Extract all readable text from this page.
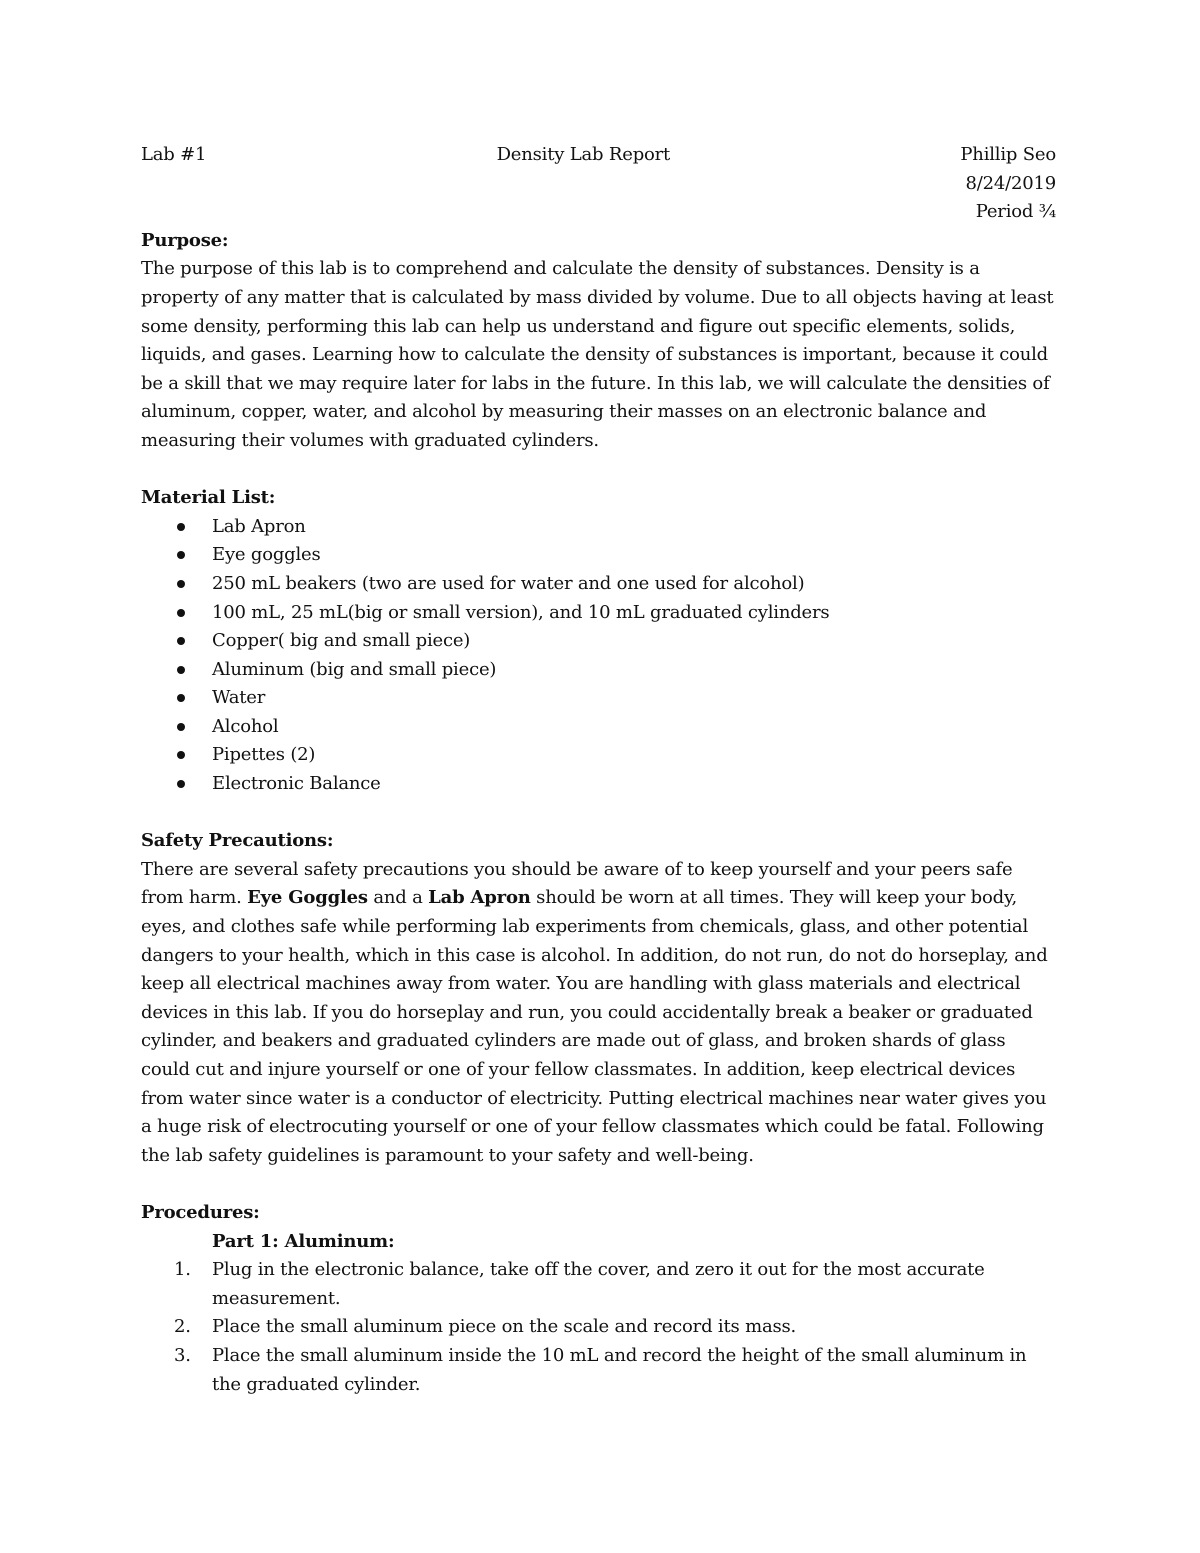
Lab #1	Density Lab Report	Phillip Seo
8/24/2019
Period ¾
Purpose:

The purpose of this lab is to comprehend and calculate the density of substances. Density is a property of any matter that is calculated by mass divided by volume. Due to all objects having at least some density, performing this lab can help us understand and figure out specific elements, solids, liquids, and gases. Learning how to calculate the density of substances is important, because it could be a skill that we may require later for labs in the future. In this lab, we will calculate the densities of aluminum, copper, water, and alcohol by measuring their masses on an electronic balance and measuring their volumes with graduated cylinders.

Material List:
Lab Apron
Eye goggles
250 mL beakers (two are used for water and one used for alcohol)
100 mL, 25 mL(big or small version), and 10 mL graduated cylinders
Copper( big and small piece)
Aluminum (big and small piece)
Water
Alcohol
Pipettes (2)
Electronic Balance
Safety Precautions:

There are several safety precautions you should be aware of to keep yourself and your peers safe from harm. Eye Goggles and a Lab Apron should be worn at all times. They will keep your body, eyes, and clothes safe while performing lab experiments from chemicals, glass, and other potential dangers to your health, which in this case is alcohol. In addition, do not run, do not do horseplay, and keep all electrical machines away from water. You are handling with glass materials and electrical devices in this lab. If you do horseplay and run, you could accidentally break a beaker or graduated cylinder, and beakers and graduated cylinders are made out of glass, and broken shards of glass could cut and injure yourself or one of your fellow classmates. In addition, keep electrical devices from water since water is a conductor of electricity. Putting electrical machines near water gives you a huge risk of electrocuting yourself or one of your fellow classmates which could be fatal. Following the lab safety guidelines is paramount to your safety and well-being.

Procedures:
Part 1: Aluminum:
1. Plug in the electronic balance, take off the cover, and zero it out for the most accurate measurement.
2. Place the small aluminum piece on the scale and record its mass.
3. Place the small aluminum inside the 10 mL and record the height of the small aluminum in the graduated cylinder.
